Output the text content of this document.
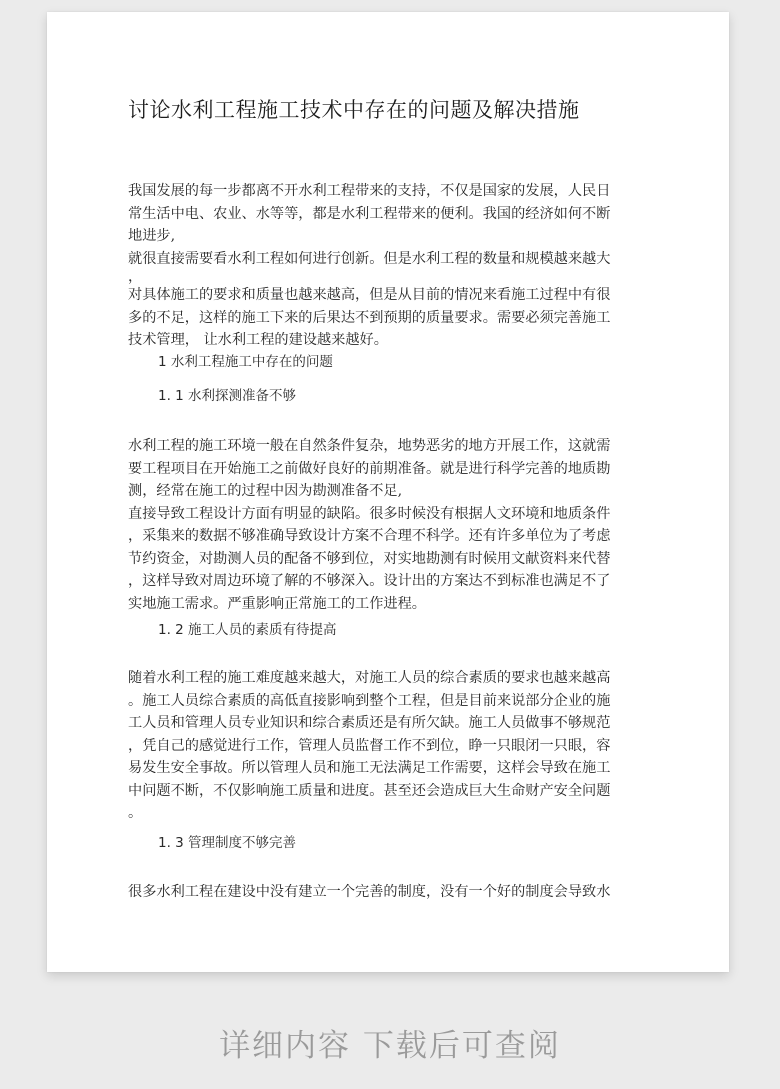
讨论水利工程施工技术中存在的问题及解决措施

我国发展的每一步都离不开水利工程带来的支持，不仅是国家的发展，人民日
常生活中电、农业、水等等，都是水利工程带来的便利。我国的经济如何不断
地进步,
就很直接需要看水利工程如何进行创新。但是水利工程的数量和规模越来越大
，
对具体施工的要求和质量也越来越高，但是从目前的情况来看施工过程中有很
多的不足，这样的施工下来的后果达不到预期的质量要求。需要必须完善施工
技术管理， 让水利工程的建设越来越好。

1 水利工程施工中存在的问题
1. 1 水利探测准备不够

水利工程的施工环境一般在自然条件复杂，地势恶劣的地方开展工作，这就需
要工程项目在开始施工之前做好良好的前期准备。就是进行科学完善的地质勘
测，经常在施工的过程中因为勘测准备不足,
直接导致工程设计方面有明显的缺陷。很多时候没有根据人文环境和地质条件
，采集来的数据不够准确导致设计方案不合理不科学。还有许多单位为了考虑
节约资金，对勘测人员的配备不够到位，对实地勘测有时候用文献资料来代替
，这样导致对周边环境了解的不够深入。设计出的方案达不到标准也满足不了
实地施工需求。严重影响正常施工的工作进程。

1. 2 施工人员的素质有待提高

随着水利工程的施工难度越来越大，对施工人员的综合素质的要求也越来越高
。施工人员综合素质的高低直接影响到整个工程，但是目前来说部分企业的施
工人员和管理人员专业知识和综合素质还是有所欠缺。施工人员做事不够规范
，凭自己的感觉进行工作，管理人员监督工作不到位，睁一只眼闭一只眼，容
易发生安全事故。所以管理人员和施工无法满足工作需要，这样会导致在施工
中问题不断，不仅影响施工质量和进度。甚至还会造成巨大生命财产安全问题
。

1. 3 管理制度不够完善

很多水利工程在建设中没有建立一个完善的制度，没有一个好的制度会导致水

详细内容 下载后可查阅
